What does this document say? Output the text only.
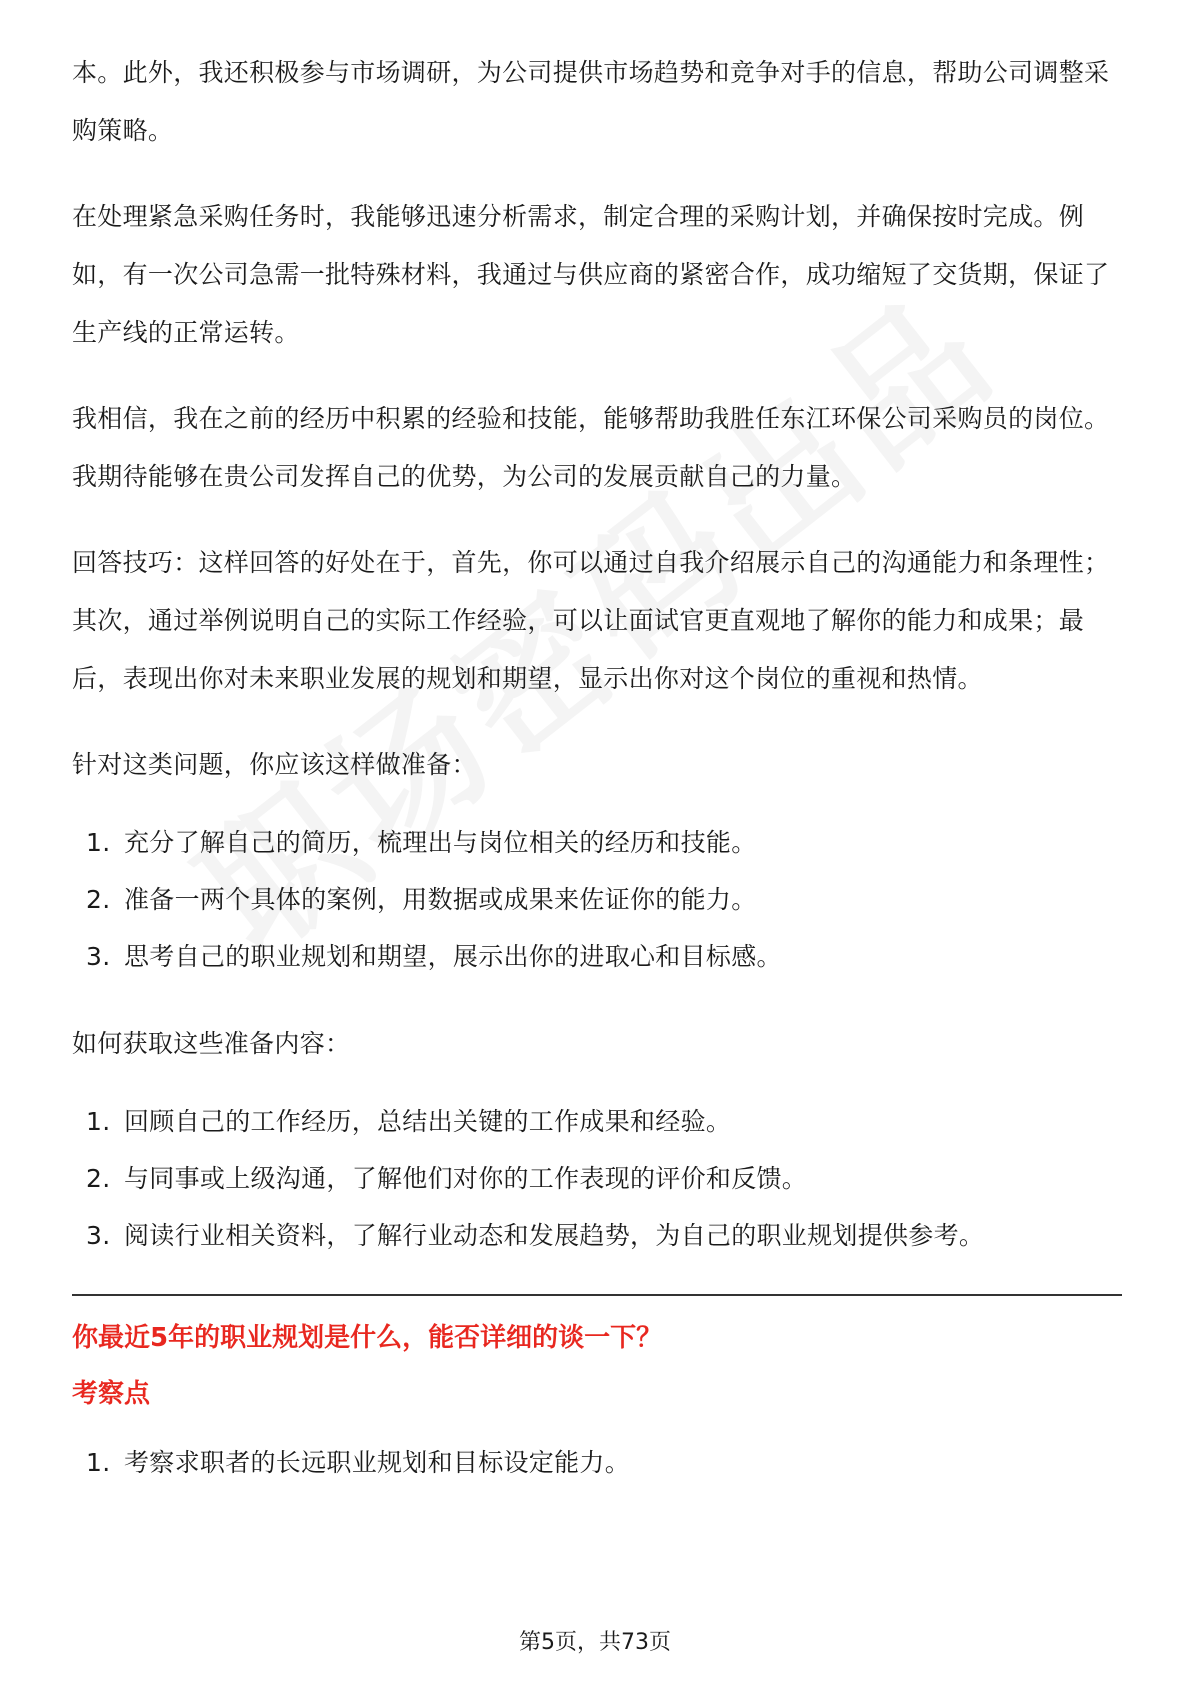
本。此外，我还积极参与市场调研，为公司提供市场趋势和竞争对手的信息，帮助公司调整采购策略。

在处理紧急采购任务时，我能够迅速分析需求，制定合理的采购计划，并确保按时完成。例如，有一次公司急需一批特殊材料，我通过与供应商的紧密合作，成功缩短了交货期，保证了生产线的正常运转。

我相信，我在之前的经历中积累的经验和技能，能够帮助我胜任东江环保公司采购员的岗位。我期待能够在贵公司发挥自己的优势，为公司的发展贡献自己的力量。

回答技巧：这样回答的好处在于，首先，你可以通过自我介绍展示自己的沟通能力和条理性；其次，通过举例说明自己的实际工作经验，可以让面试官更直观地了解你的能力和成果；最后，表现出你对未来职业发展的规划和期望，显示出你对这个岗位的重视和热情。

针对这类问题，你应该这样做准备：

1. 充分了解自己的简历，梳理出与岗位相关的经历和技能。
2. 准备一两个具体的案例，用数据或成果来佐证你的能力。
3. 思考自己的职业规划和期望，展示出你的进取心和目标感。

如何获取这些准备内容：

1. 回顾自己的工作经历，总结出关键的工作成果和经验。
2. 与同事或上级沟通，了解他们对你的工作表现的评价和反馈。
3. 阅读行业相关资料，了解行业动态和发展趋势，为自己的职业规划提供参考。

你最近5年的职业规划是什么，能否详细的谈一下？

考察点

1. 考察求职者的长远职业规划和目标设定能力。
第5页，共73页
